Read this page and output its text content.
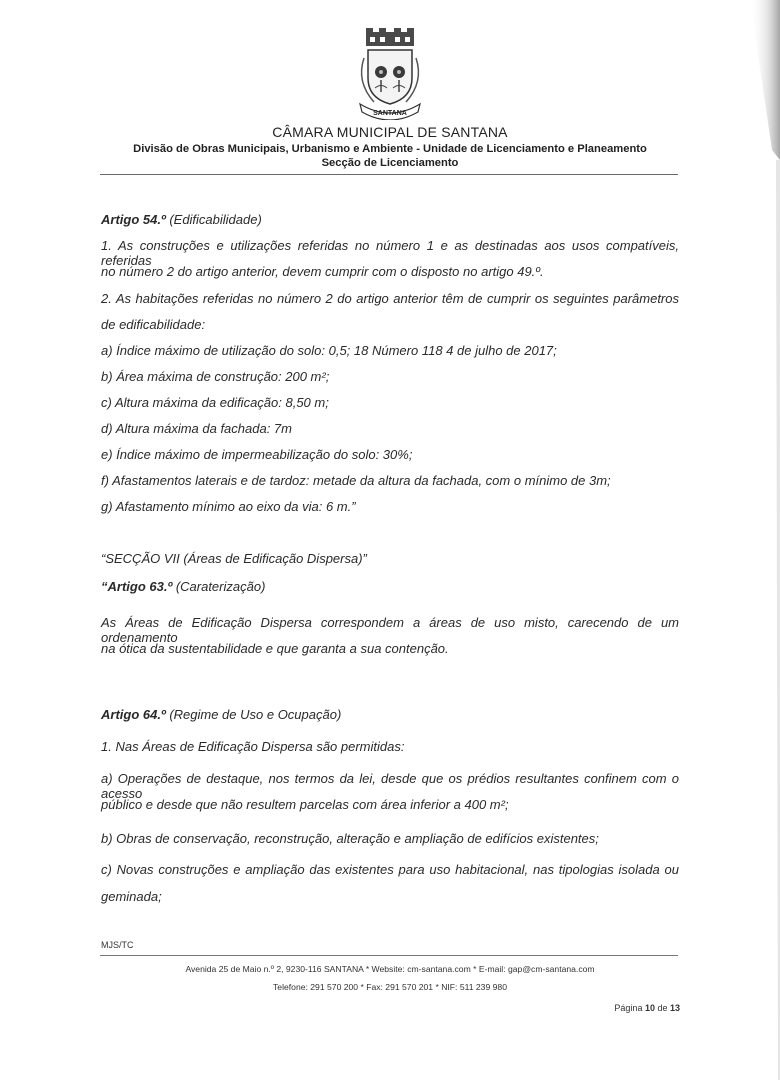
SANTANA
CÂMARA MUNICIPAL DE SANTANA
Divisão de Obras Municipais, Urbanismo e Ambiente - Unidade de Licenciamento e Planeamento
Secção de Licenciamento
Artigo 54.º (Edificabilidade)
1. As construções e utilizações referidas no número 1 e as destinadas aos usos compatíveis, referidas
no número 2 do artigo anterior, devem cumprir com o disposto no artigo 49.º.
2. As habitações referidas no número 2 do artigo anterior têm de cumprir os seguintes parâmetros
de edificabilidade:
a) Índice máximo de utilização do solo: 0,5; 18 Número 118 4 de julho de 2017;
b) Área máxima de construção: 200 m²;
c) Altura máxima da edificação: 8,50 m;
d) Altura máxima da fachada: 7m
e) Índice máximo de impermeabilização do solo: 30%;
f) Afastamentos laterais e de tardoz: metade da altura da fachada, com o mínimo de 3m;
g) Afastamento mínimo ao eixo da via: 6 m.”
“SECÇÃO VII (Áreas de Edificação Dispersa)”
“Artigo 63.º (Caraterização)
As Áreas de Edificação Dispersa correspondem a áreas de uso misto, carecendo de um ordenamento
na ótica da sustentabilidade e que garanta a sua contenção.
Artigo 64.º (Regime de Uso e Ocupação)
1. Nas Áreas de Edificação Dispersa são permitidas:
a) Operações de destaque, nos termos da lei, desde que os prédios resultantes confinem com o acesso
público e desde que não resultem parcelas com área inferior a 400 m²;
b) Obras de conservação, reconstrução, alteração e ampliação de edifícios existentes;
c) Novas construções e ampliação das existentes para uso habitacional, nas tipologias isolada ou
geminada;
MJS/TC
Avenida 25 de Maio n.º 2, 9230-116 SANTANA * Website: cm-santana.com * E-mail: gap@cm-santana.com
Telefone: 291 570 200 * Fax: 291 570 201 * NIF: 511 239 980
Página 10 de 13
